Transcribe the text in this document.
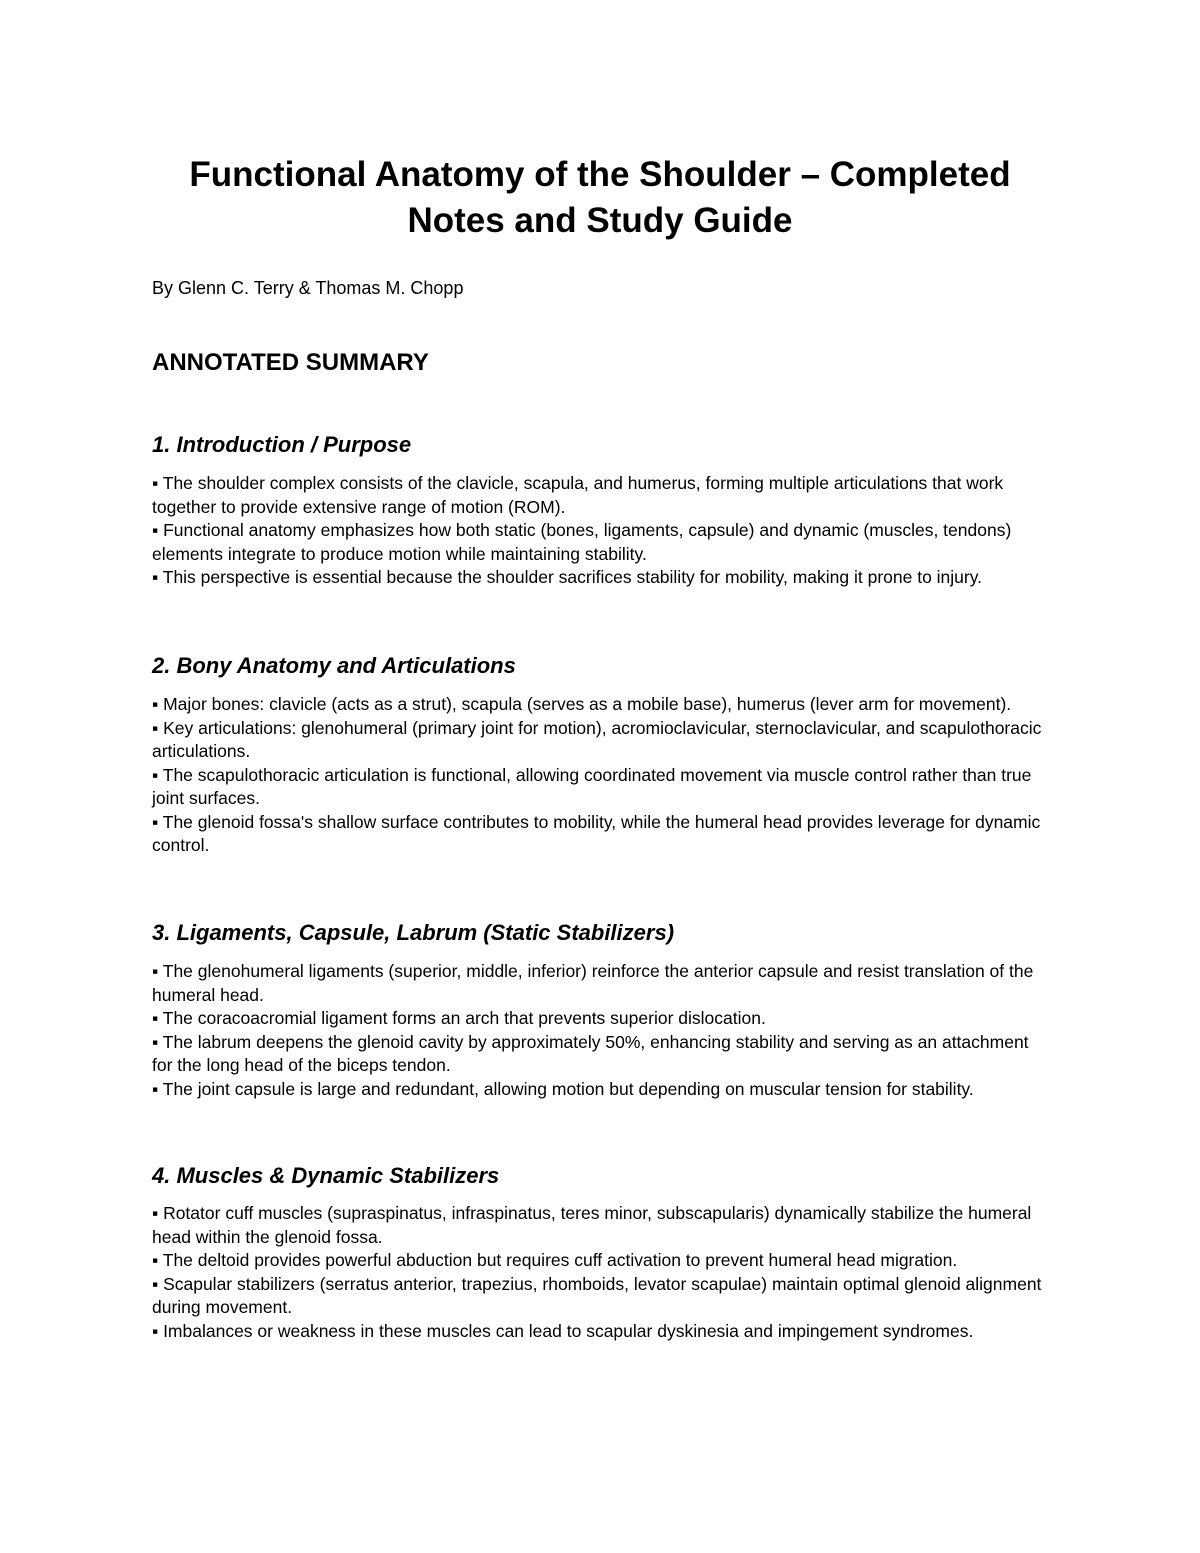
Functional Anatomy of the Shoulder – Completed
Notes and Study Guide

By Glenn C. Terry & Thomas M. Chopp

ANNOTATED SUMMARY
1. Introduction / Purpose

▪ The shoulder complex consists of the clavicle, scapula, and humerus, forming multiple articulations that work together to provide extensive range of motion (ROM).

▪ Functional anatomy emphasizes how both static (bones, ligaments, capsule) and dynamic (muscles, tendons) elements integrate to produce motion while maintaining stability.

▪ This perspective is essential because the shoulder sacrifices stability for mobility, making it prone to injury.

2. Bony Anatomy and Articulations

▪ Major bones: clavicle (acts as a strut), scapula (serves as a mobile base), humerus (lever arm for movement).

▪ Key articulations: glenohumeral (primary joint for motion), acromioclavicular, sternoclavicular, and scapulothoracic articulations.

▪ The scapulothoracic articulation is functional, allowing coordinated movement via muscle control rather than true joint surfaces.

▪ The glenoid fossa's shallow surface contributes to mobility, while the humeral head provides leverage for dynamic control.

3. Ligaments, Capsule, Labrum (Static Stabilizers)

▪ The glenohumeral ligaments (superior, middle, inferior) reinforce the anterior capsule and resist translation of the humeral head.

▪ The coracoacromial ligament forms an arch that prevents superior dislocation.

▪ The labrum deepens the glenoid cavity by approximately 50%, enhancing stability and serving as an attachment for the long head of the biceps tendon.

▪ The joint capsule is large and redundant, allowing motion but depending on muscular tension for stability.

4. Muscles & Dynamic Stabilizers

▪ Rotator cuff muscles (supraspinatus, infraspinatus, teres minor, subscapularis) dynamically stabilize the humeral head within the glenoid fossa.

▪ The deltoid provides powerful abduction but requires cuff activation to prevent humeral head migration.

▪ Scapular stabilizers (serratus anterior, trapezius, rhomboids, levator scapulae) maintain optimal glenoid alignment during movement.

▪ Imbalances or weakness in these muscles can lead to scapular dyskinesia and impingement syndromes.
